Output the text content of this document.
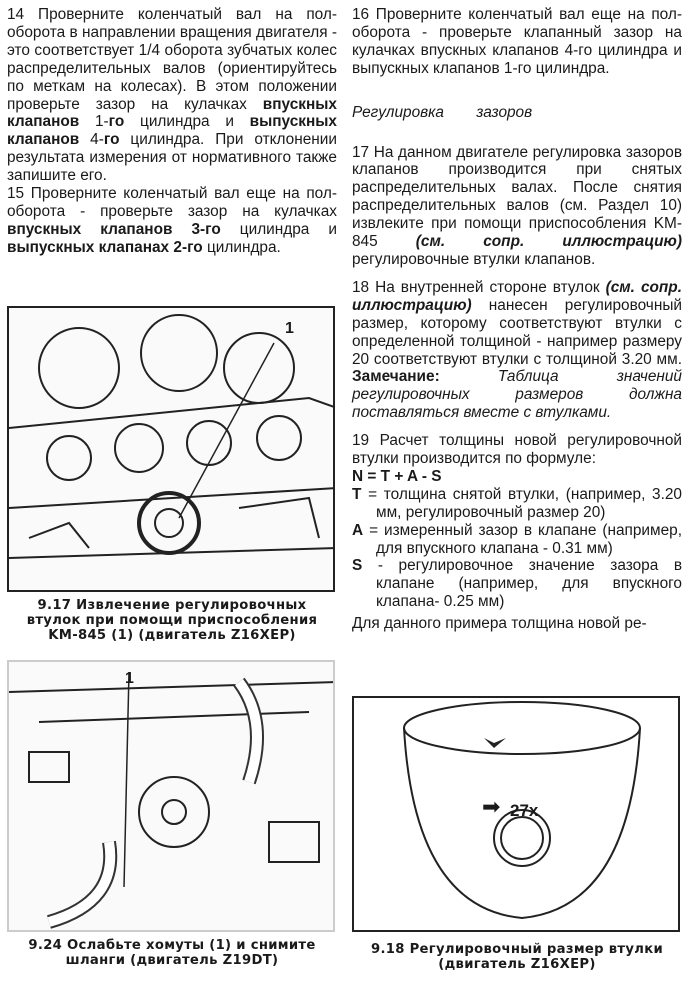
14 Проверните коленчатый вал на пол-оборота в направлении вращения двигателя - это соответствует 1/4 оборота зубчатых колес распределительных валов (ориентируйтесь по меткам на колесах). В этом положении проверьте зазор на кулачках впускных клапанов 1-го цилиндра и выпускных клапанов 4-го цилиндра. При отклонении результата измерения от нормативного также запишите его.

15 Проверните коленчатый вал еще на пол-оборота - проверьте зазор на кулачках впускных клапанов 3-го цилиндра и выпускных клапанах 2-го цилиндра.

1
9.17 Извлечение регулировочных втулок при помощи приспособления KM-845 (1) (двигатель Z16XEP)
1
9.24 Ослабьте хомуты (1) и снимите шланги (двигатель Z19DT)

16 Проверните коленчатый вал еще на пол-оборота - проверьте клапанный зазор на кулачках впускных клапанов 4-го цилиндра и выпускных клапанов 1-го цилиндра.

Регулировка зазоров

17 На данном двигателе регулировка зазоров клапанов производится при снятых распределительных валах. После снятия распределительных валов (см. Раздел 10) извлеките при помощи приспособления KM-845 (см. сопр. иллюстрацию) регулировочные втулки клапанов.

18 На внутренней стороне втулок (см. сопр. иллюстрацию) нанесен регулировочный размер, которому соответствуют втулки с определенной толщиной - например размеру 20 соответствуют втулки с толщиной 3.20 мм. Замечание:	Таблица значений регулировочных размеров должна поставляться вместе с втулками.

19 Расчет толщины новой регулировочной втулки производится по формуле:

N = T + A - S

T = толщина снятой втулки, (например, 3.20 мм, регулировочный размер 20)

A = измеренный зазор в клапане (например, для впускного клапана - 0.31 мм)

S - регулировочное значение зазора в клапане (например, для впускного клапана- 0.25 мм)

Для данного примера толщина новой ре-

➡ 27x
9.18 Регулировочный размер втулки (двигатель Z16XEP)
